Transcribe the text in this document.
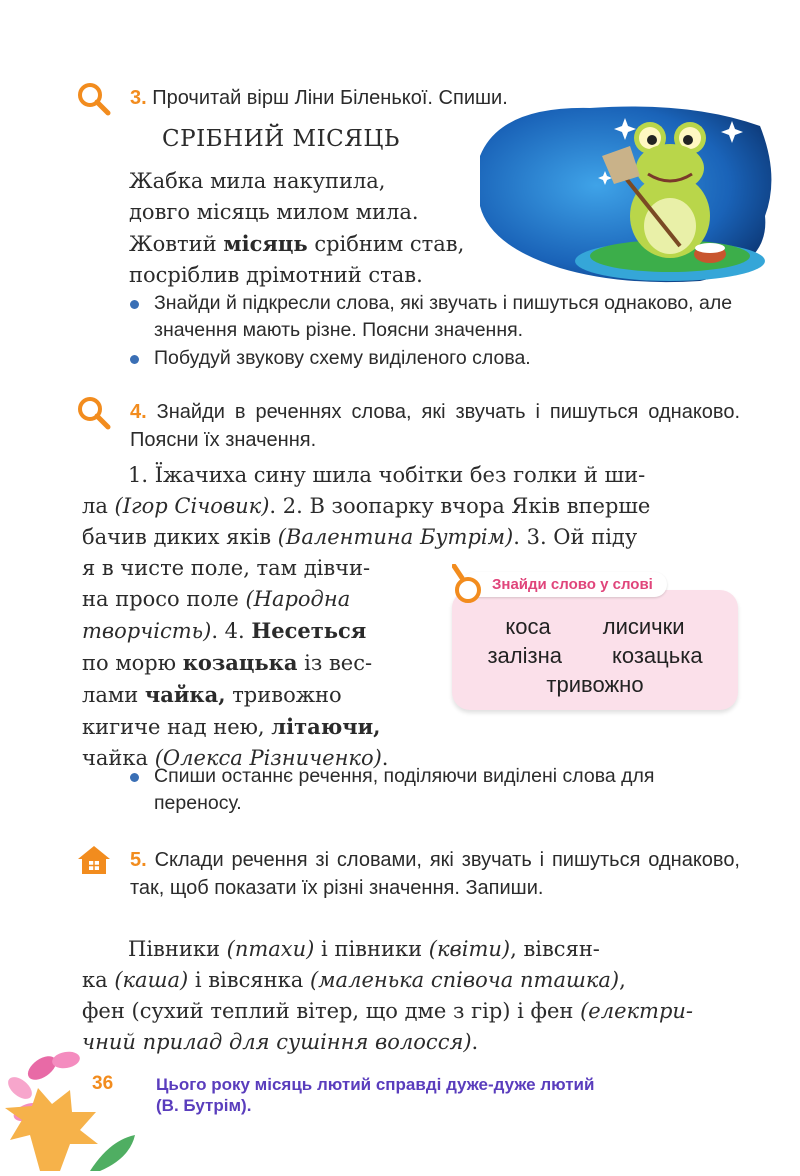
3. Прочитай вірш Ліни Біленької. Спиши.
СРІБНИЙ МІСЯЦЬ
Жабка мила накупила,
довго місяць милом мила.
Жовтий місяць срібним став,
посріблив дрімотний став.
Знайди й підкресли слова, які звучать і пишуться однаково, але значення мають різне. Поясни значення.
Побудуй звукову схему виділеного слова.
4. Знайди в реченнях слова, які звучать і пишуться однаково. Поясни їх значення.
1. Їжачиха сину шила чобітки без голки й ши-
ла (Ігор Січовик). 2. В зоопарку вчора Яків вперше
бачив диких яків (Валентина Бутрім). 3. Ой піду
я в чисте поле, там дівчи-
на просо поле (Народна
творчість). 4. Несеться
по морю козацька із вес-
лами чайка, тривожно
кигиче над нею, літаючи,
чайка (Олекса Різниченко).
коса лисички
залізна козацька
тривожно
Знайди слово у слові
Спиши останнє речення, поділяючи виділені слова для переносу.
5. Склади речення зі словами, які звучать і пишуться однаково, так, щоб показати їх різні значення. Запиши.
Півники (птахи) і півники (квіти), вівсян-
ка (каша) і вівсянка (маленька співоча пташка),
фен (сухий теплий вітер, що дме з гір) і фен (електри-
чний прилад для сушіння волосся).
36	Цього року місяць лютий справді дуже-дуже лютий
(В. Бутрім).
